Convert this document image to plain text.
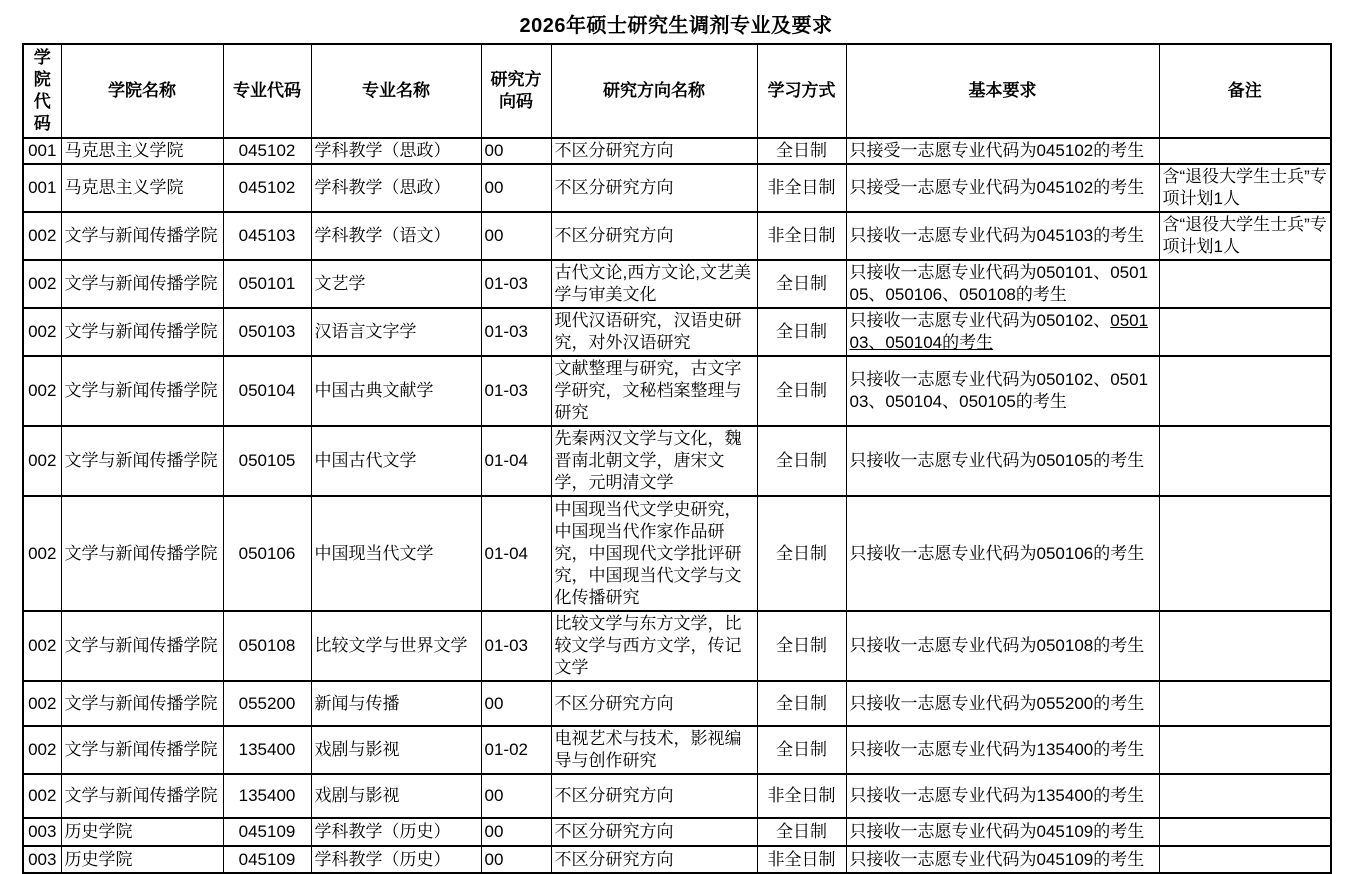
2026年硕士研究生调剂专业及要求
学院代码	学院名称	专业代码	专业名称	研究方向码	研究方向名称	学习方式	基本要求	备注
001	马克思主义学院	045102	学科教学（思政）	00	不区分研究方向	全日制	只接受一志愿专业代码为045102的考生	
001	马克思主义学院	045102	学科教学（思政）	00	不区分研究方向	非全日制	只接受一志愿专业代码为045102的考生	含“退役大学生士兵”专项计划1人
002	文学与新闻传播学院	045103	学科教学（语文）	00	不区分研究方向	非全日制	只接收一志愿专业代码为045103的考生	含“退役大学生士兵”专项计划1人
002	文学与新闻传播学院	050101	文艺学	01-03	古代文论,西方文论,文艺美学与审美文化	全日制	只接收一志愿专业代码为050101、050105、050106、050108的考生	
002	文学与新闻传播学院	050103	汉语言文字学	01-03	现代汉语研究，汉语史研究，对外汉语研究	全日制	只接收一志愿专业代码为050102、050103、050104的考生	
002	文学与新闻传播学院	050104	中国古典文献学	01-03	文献整理与研究，古文字学研究，文秘档案整理与研究	全日制	只接收一志愿专业代码为050102、050103、050104、050105的考生	
002	文学与新闻传播学院	050105	中国古代文学	01-04	先秦两汉文学与文化，魏晋南北朝文学，唐宋文学，元明清文学	全日制	只接收一志愿专业代码为050105的考生	
002	文学与新闻传播学院	050106	中国现当代文学	01-04	中国现当代文学史研究，中国现当代作家作品研究，中国现代文学批评研究，中国现当代文学与文化传播研究	全日制	只接收一志愿专业代码为050106的考生	
002	文学与新闻传播学院	050108	比较文学与世界文学	01-03	比较文学与东方文学，比较文学与西方文学，传记文学	全日制	只接收一志愿专业代码为050108的考生	
002	文学与新闻传播学院	055200	新闻与传播	00	不区分研究方向	全日制	只接收一志愿专业代码为055200的考生	
002	文学与新闻传播学院	135400	戏剧与影视	01-02	电视艺术与技术，影视编导与创作研究	全日制	只接收一志愿专业代码为135400的考生	
002	文学与新闻传播学院	135400	戏剧与影视	00	不区分研究方向	非全日制	只接收一志愿专业代码为135400的考生	
003	历史学院	045109	学科教学（历史）	00	不区分研究方向	全日制	只接收一志愿专业代码为045109的考生	
003	历史学院	045109	学科教学（历史）	00	不区分研究方向	非全日制	只接收一志愿专业代码为045109的考生	
